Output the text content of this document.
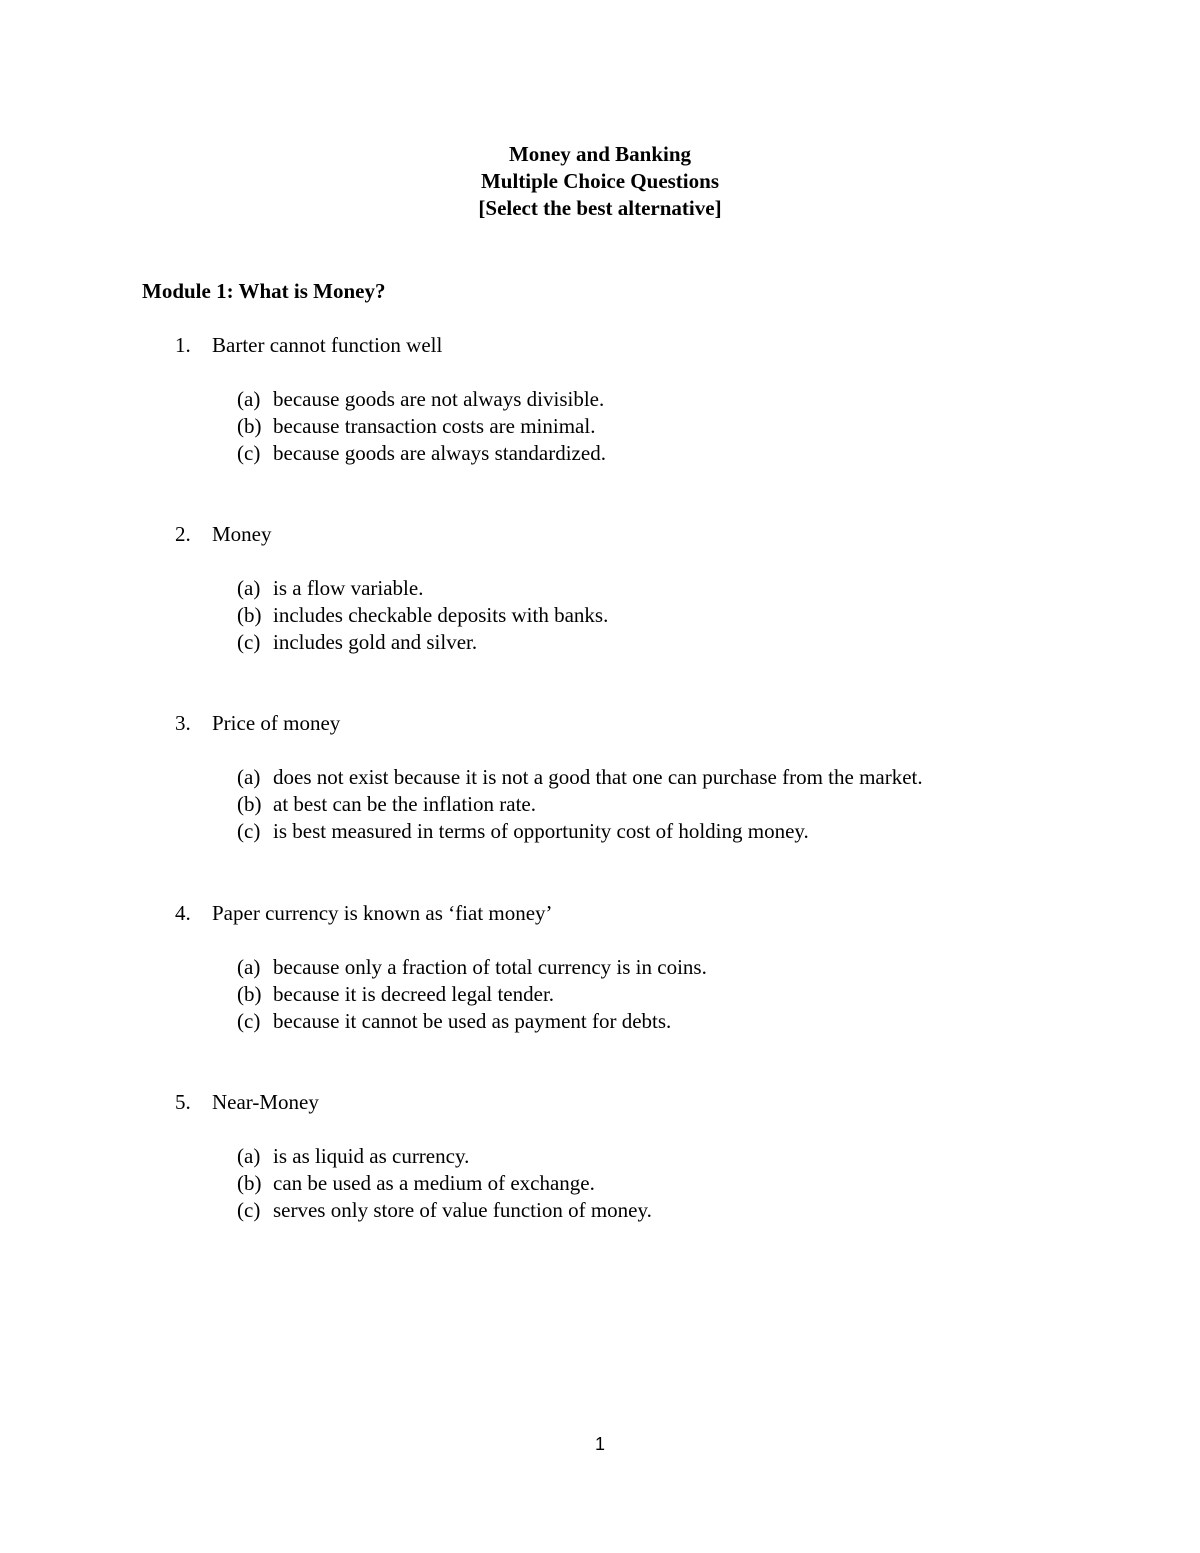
Money and Banking
Multiple Choice Questions
[Select the best alternative]
Module 1: What is Money?
1. Barter cannot function well
(a) because goods are not always divisible.
(b) because transaction costs are minimal.
(c) because goods are always standardized.
2. Money
(a) is a flow variable.
(b) includes checkable deposits with banks.
(c) includes gold and silver.
3. Price of money
(a) does not exist because it is not a good that one can purchase from the market.
(b) at best can be the inflation rate.
(c) is best measured in terms of opportunity cost of holding money.
4. Paper currency is known as ‘fiat money’
(a) because only a fraction of total currency is in coins.
(b) because it is decreed legal tender.
(c) because it cannot be used as payment for debts.
5. Near-Money
(a) is as liquid as currency.
(b) can be used as a medium of exchange.
(c) serves only store of value function of money.
1
